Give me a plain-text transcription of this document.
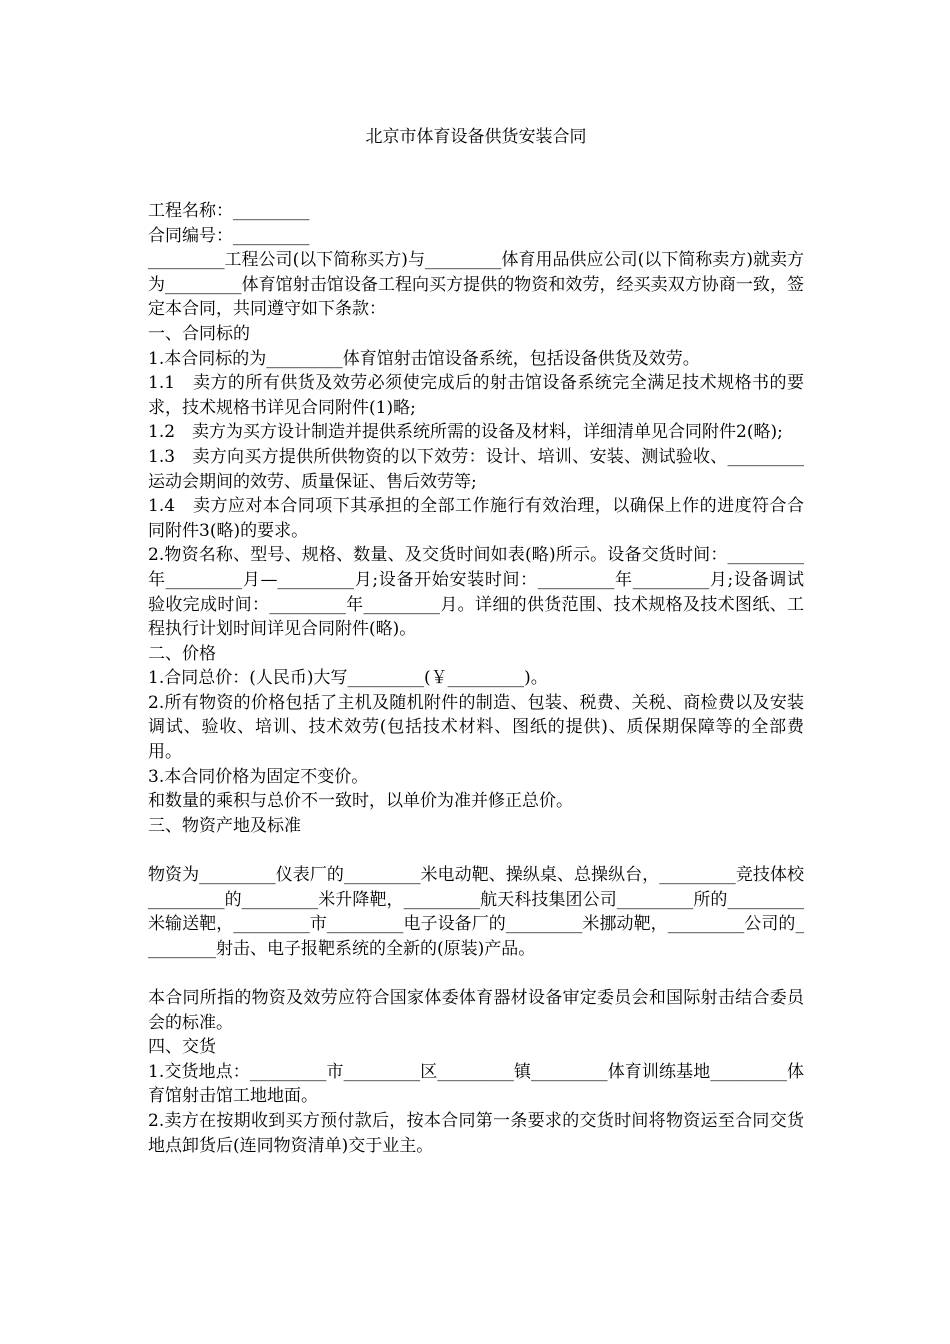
北京市体育设备供货安装合同

工程名称：_________

合同编号：_________

_________工程公司(以下简称买方)与_________体育用品供应公司(以下简称卖方)就卖方为_________体育馆射击馆设备工程向买方提供的物资和效劳，经买卖双方协商一致，签定本合同，共同遵守如下条款：

一、合同标的

1.本合同标的为_________体育馆射击馆设备系统，包括设备供货及效劳。

1.1　卖方的所有供货及效劳必须使完成后的射击馆设备系统完全满足技术规格书的要求，技术规格书详见合同附件(1)略;

1.2　卖方为买方设计制造并提供系统所需的设备及材料，详细清单见合同附件2(略);

1.3　卖方向买方提供所供物资的以下效劳：设计、培训、安装、测试验收、_________运动会期间的效劳、质量保证、售后效劳等;

1.4　卖方应对本合同项下其承担的全部工作施行有效治理，以确保上作的进度符合合同附件3(略)的要求。

2.物资名称、型号、规格、数量、及交货时间如表(略)所示。设备交货时间：_________年_________月—_________月;设备开始安装时间：_________年_________月;设备调试验收完成时间：_________年_________月。详细的供货范围、技术规格及技术图纸、工程执行计划时间详见合同附件(略)。

二、价格

1.合同总价：(人民币)大写_________(￥_________)。

2.所有物资的价格包括了主机及随机附件的制造、包装、税费、关税、商检费以及安装调试、验收、培训、技术效劳(包括技术材料、图纸的提供)、质保期保障等的全部费用。

3.本合同价格为固定不变价。

和数量的乘积与总价不一致时，以单价为准并修正总价。

三、物资产地及标准

物资为_________仪表厂的_________米电动靶、操纵桌、总操纵台，_________竞技体校_________的_________米升降靶，_________航天科技集团公司_________所的_________米输送靶，_________市_________电子设备厂的_________米挪动靶，_________公司的_________射击、电子报靶系统的全新的(原装)产品。

本合同所指的物资及效劳应符合国家体委体育器材设备审定委员会和国际射击结合委员会的标准。

四、交货

1.交货地点：_________市_________区_________镇_________体育训练基地_________体育馆射击馆工地地面。

2.卖方在按期收到买方预付款后，按本合同第一条要求的交货时间将物资运至合同交货地点卸货后(连同物资清单)交于业主。
